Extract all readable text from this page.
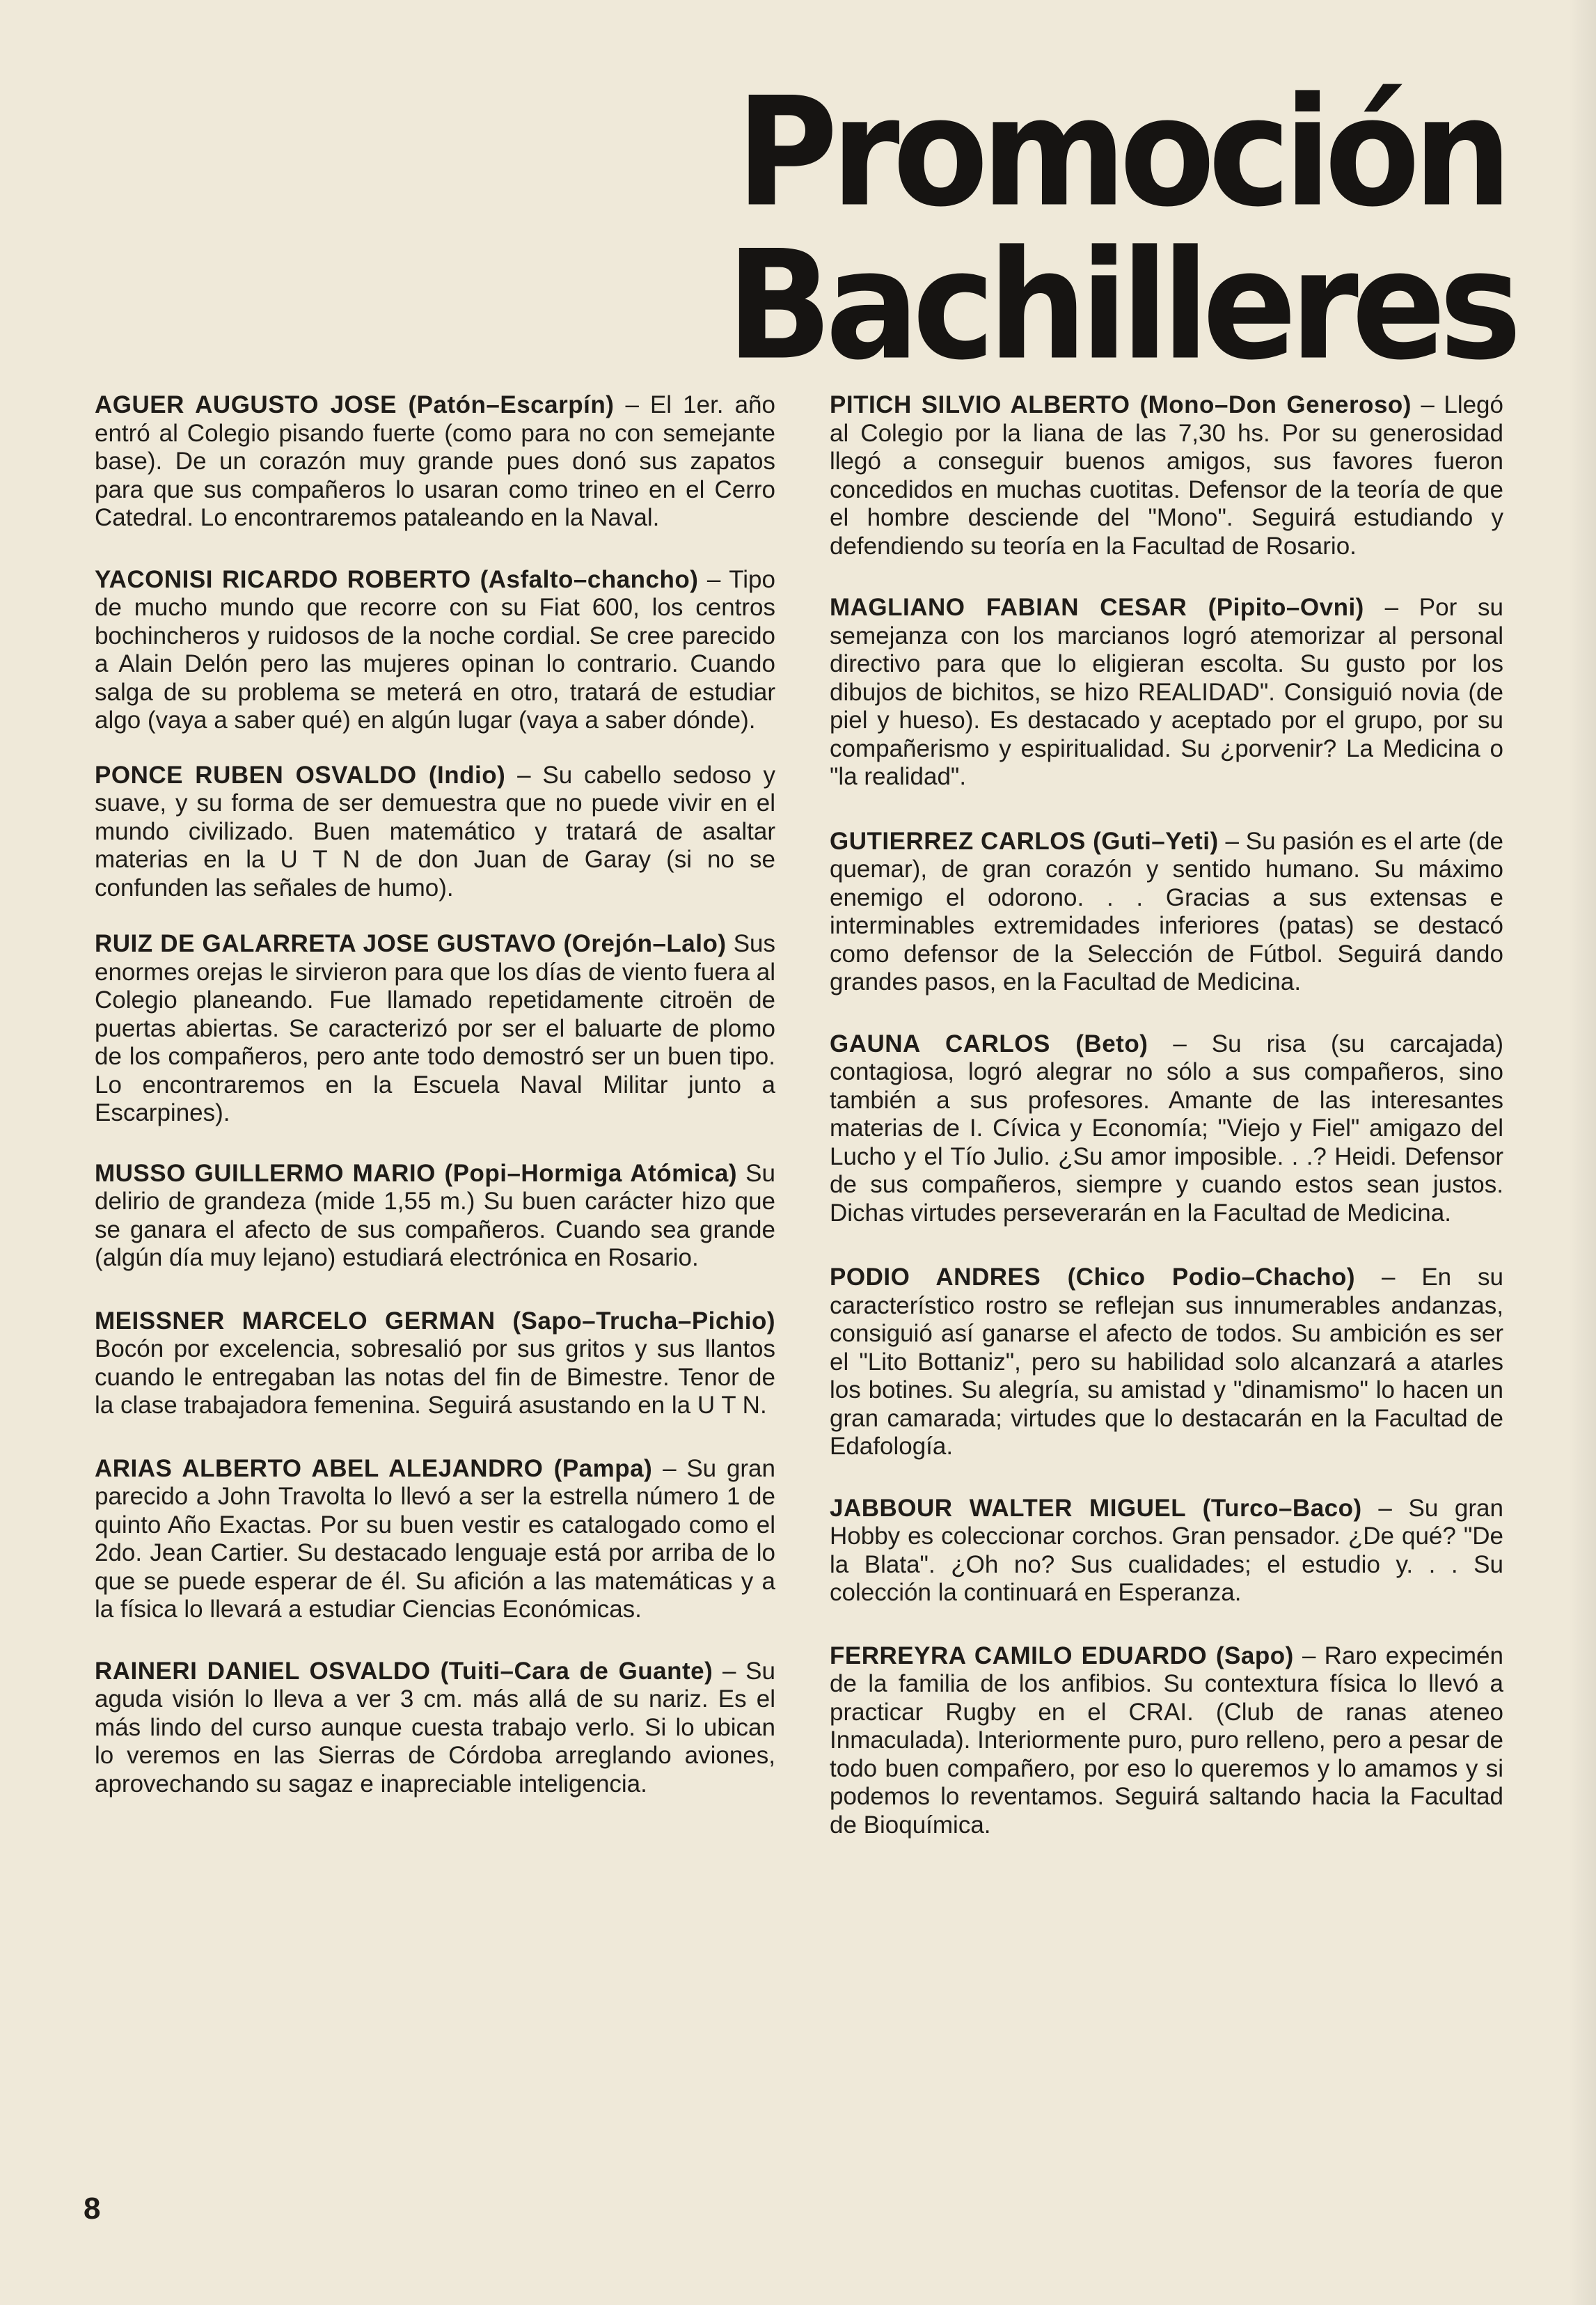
Promoción
Bachilleres

AGUER AUGUSTO JOSE (Patón–Escarpín) – El 1er. año entró al Colegio pisando fuerte (como para no con semejante base). De un corazón muy grande pues donó sus zapatos para que sus compañeros lo usaran como trineo en el Cerro Catedral. Lo encontraremos pataleando en la Naval.

YACONISI RICARDO ROBERTO (Asfalto–chancho) – Tipo de mucho mundo que recorre con su Fiat 600, los centros bochincheros y ruidosos de la noche cordial. Se cree parecido a Alain Delón pero las mujeres opinan lo contrario. Cuando salga de su problema se meterá en otro, tratará de estudiar algo (vaya a saber qué) en algún lugar (vaya a saber dónde).

PONCE RUBEN OSVALDO (Indio) – Su cabello sedoso y suave, y su forma de ser demuestra que no puede vivir en el mundo civilizado. Buen matemático y tratará de asaltar materias en la U T N de don Juan de Garay (si no se confunden las señales de humo).

RUIZ DE GALARRETA JOSE GUSTAVO (Orejón–Lalo) Sus enormes orejas le sirvieron para que los días de viento fuera al Colegio planeando. Fue llamado repetidamente citroën de puertas abiertas. Se caracterizó por ser el baluarte de plomo de los compañeros, pero ante todo demostró ser un buen tipo. Lo encontraremos en la Escuela Naval Militar junto a Escarpines).

MUSSO GUILLERMO MARIO (Popi–Hormiga Atómica) Su delirio de grandeza (mide 1,55 m.) Su buen carácter hizo que se ganara el afecto de sus compañeros. Cuando sea grande (algún día muy lejano) estudiará electrónica en Rosario.

MEISSNER MARCELO GERMAN (Sapo–Trucha–Pichio) Bocón por excelencia, sobresalió por sus gritos y sus llantos cuando le entregaban las notas del fin de Bimestre. Tenor de la clase trabajadora femenina. Seguirá asustando en la U T N.

ARIAS ALBERTO ABEL ALEJANDRO (Pampa) – Su gran parecido a John Travolta lo llevó a ser la estrella número 1 de quinto Año Exactas. Por su buen vestir es catalogado como el 2do. Jean Cartier. Su destacado lenguaje está por arriba de lo que se puede esperar de él. Su afición a las matemáticas y a la física lo llevará a estudiar Ciencias Económicas.

RAINERI DANIEL OSVALDO (Tuiti–Cara de Guante) – Su aguda visión lo lleva a ver 3 cm. más allá de su nariz. Es el más lindo del curso aunque cuesta trabajo verlo. Si lo ubican lo veremos en las Sierras de Córdoba arreglando aviones, aprovechando su sagaz e inapreciable inteligencia.

PITICH SILVIO ALBERTO (Mono–Don Generoso) – Llegó al Colegio por la liana de las 7,30 hs. Por su generosidad llegó a conseguir buenos amigos, sus favores fueron concedidos en muchas cuotitas. Defensor de la teoría de que el hombre desciende del "Mono". Seguirá estudiando y defendiendo su teoría en la Facultad de Rosario.

MAGLIANO FABIAN CESAR (Pipito–Ovni) – Por su semejanza con los marcianos logró atemorizar al personal directivo para que lo eligieran escolta. Su gusto por los dibujos de bichitos, se hizo REALIDAD". Consiguió novia (de piel y hueso). Es destacado y aceptado por el grupo, por su compañerismo y espiritualidad. Su ¿porvenir? La Medicina o "la realidad".

GUTIERREZ CARLOS (Guti–Yeti) – Su pasión es el arte (de quemar), de gran corazón y sentido humano. Su máximo enemigo el odorono. . . Gracias a sus extensas e interminables extremidades inferiores (patas) se destacó como defensor de la Selección de Fútbol. Seguirá dando grandes pasos, en la Facultad de Medicina.

GAUNA CARLOS (Beto) – Su risa (su carcajada) contagiosa, logró alegrar no sólo a sus compañeros, sino también a sus profesores. Amante de las interesantes materias de I. Cívica y Economía; "Viejo y Fiel" amigazo del Lucho y el Tío Julio. ¿Su amor imposible. . .? Heidi. Defensor de sus compañeros, siempre y cuando estos sean justos. Dichas virtudes perseverarán en la Facultad de Medicina.

PODIO ANDRES (Chico Podio–Chacho) – En su característico rostro se reflejan sus innumerables andanzas, consiguió así ganarse el afecto de todos. Su ambición es ser el "Lito Bottaniz", pero su habilidad solo alcanzará a atarles los botines. Su alegría, su amistad y "dinamismo" lo hacen un gran camarada; virtudes que lo destacarán en la Facultad de Edafología.

JABBOUR WALTER MIGUEL (Turco–Baco) – Su gran Hobby es coleccionar corchos. Gran pensador. ¿De qué? "De la Blata". ¿Oh no? Sus cualidades; el estudio y. . . Su colección la continuará en Esperanza.

FERREYRA CAMILO EDUARDO (Sapo) – Raro expecimén de la familia de los anfibios. Su contextura física lo llevó a practicar Rugby en el CRAI. (Club de ranas ateneo Inmaculada). Interiormente puro, puro relleno, pero a pesar de todo buen compañero, por eso lo queremos y lo amamos y si podemos lo reventamos. Seguirá saltando hacia la Facultad de Bioquímica.

8
